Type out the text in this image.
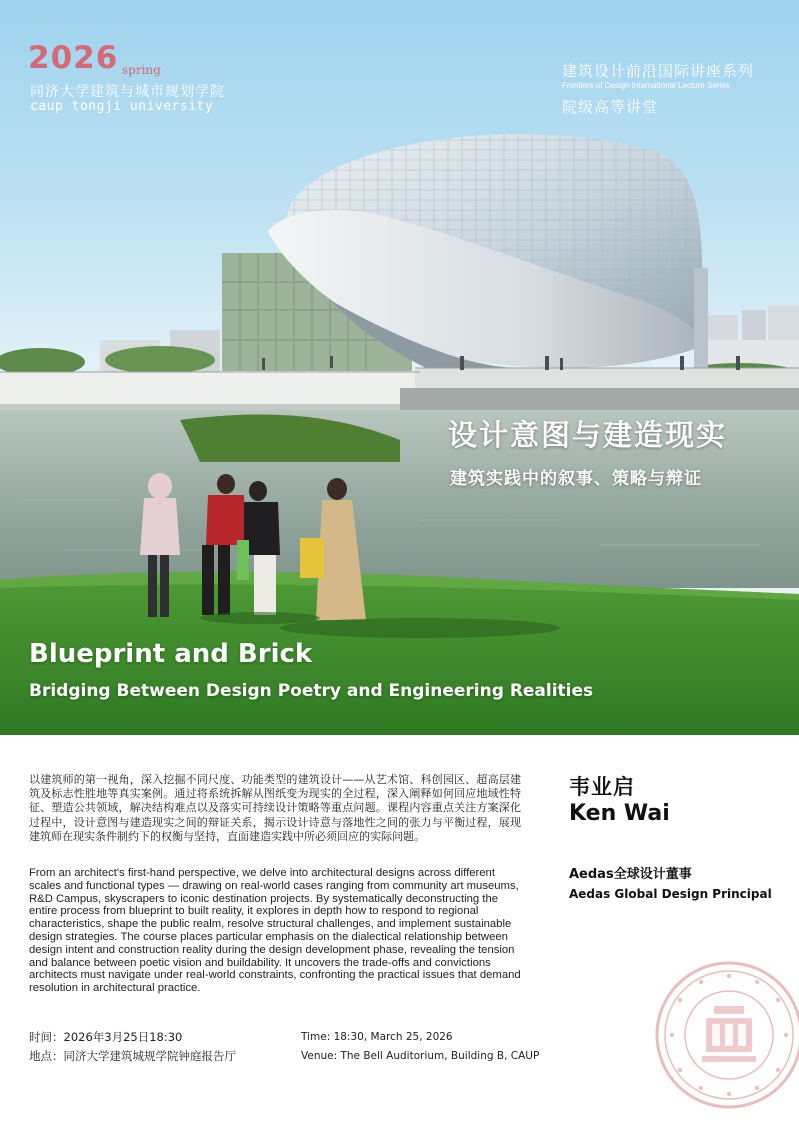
2026 spring
同济大学建筑与城市规划学院
caup tongji university
建筑设计前沿国际讲座系列
Frontiers of Design International Lecture Series
院级高等讲堂
设计意图与建造现实
建筑实践中的叙事、策略与辩证
Blueprint and Brick
Bridging Between Design Poetry and Engineering Realities

以建筑师的第一视角，深入挖掘不同尺度、功能类型的建筑设计——从艺术馆、科创园区、超高层建筑及标志性胜地等真实案例。通过将系统拆解从图纸变为现实的全过程，深入阐释如何回应地域性特征、塑造公共领域，解决结构难点以及落实可持续设计策略等重点问题。课程内容重点关注方案深化过程中，设计意图与建造现实之间的辩证关系，揭示设计诗意与落地性之间的张力与平衡过程，展现建筑师在现实条件制约下的权衡与坚持，直面建造实践中所必须回应的实际问题。

From an architect's first-hand perspective, we delve into architectural designs across different scales and functional types — drawing on real-world cases ranging from community art museums, R&D Campus, skyscrapers to iconic destination projects. By systematically deconstructing the entire process from blueprint to built reality, it explores in depth how to respond to regional characteristics, shape the public realm, resolve structural challenges, and implement sustainable design strategies. The course places particular emphasis on the dialectical relationship between design intent and construction reality during the design development phase, revealing the tension and balance between poetic vision and buildability. It uncovers the trade-offs and convictions architects must navigate under real-world constraints, confronting the practical issues that demand resolution in architectural practice.

韦业启
Ken Wai
Aedas全球设计董事
Aedas Global Design Principal
时间：2026年3月25日18:30
地点：同济大学建筑城规学院钟庭报告厅
Time: 18:30, March 25, 2026
Venue: The Bell Auditorium, Building B, CAUP
